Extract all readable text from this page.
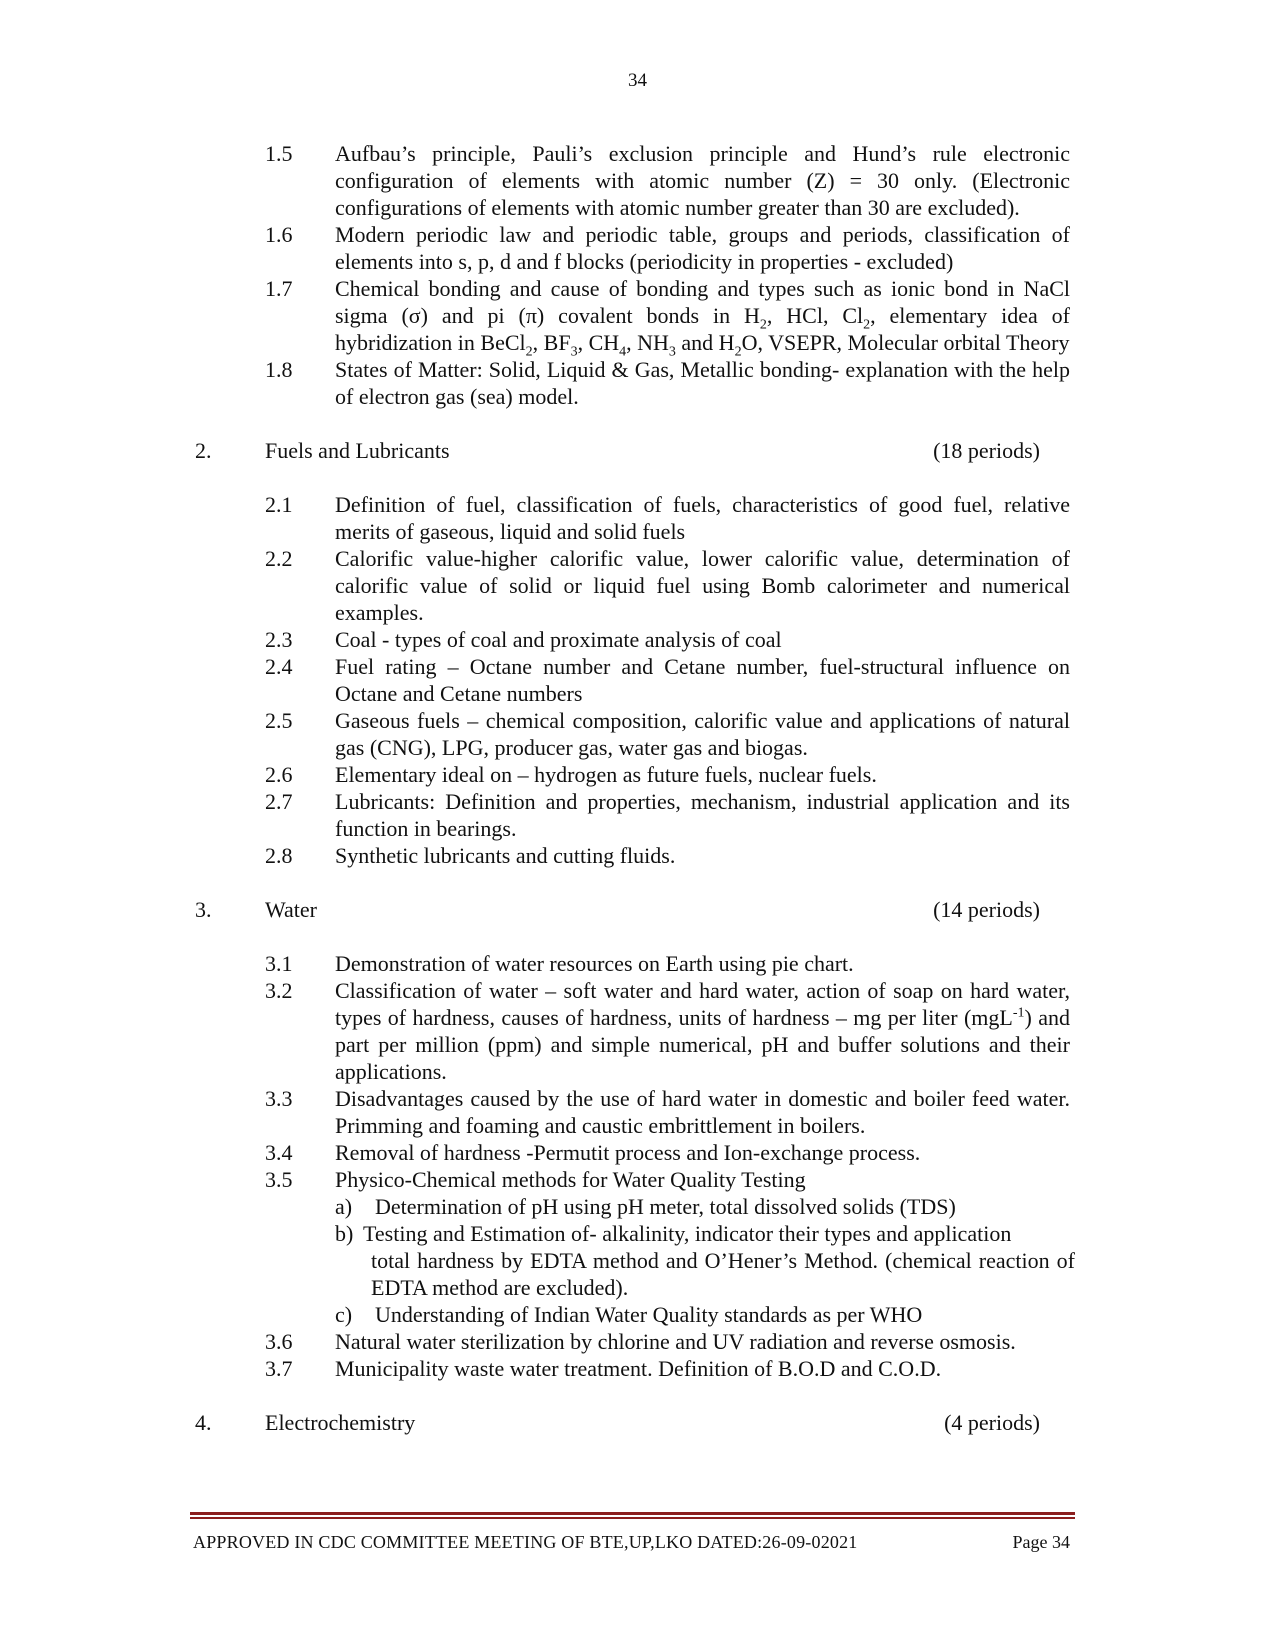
34
1.5 Aufbau’s principle, Pauli’s exclusion principle and Hund’s rule electronic configuration of elements with atomic number (Z) = 30 only. (Electronic configurations of elements with atomic number greater than 30 are excluded).
1.6 Modern periodic law and periodic table, groups and periods, classification of elements into s, p, d and f blocks (periodicity in properties - excluded)
1.7 Chemical bonding and cause of bonding and types such as ionic bond in NaCl sigma (σ) and pi (π) covalent bonds in $H_2$, HCl, $Cl_2$, elementary idea of hybridization in BeCl$_2$, $BF_3$, $CH_4$, $NH_3$ and $H_2O$, VSEPR, Molecular orbital Theory
1.8 States of Matter: Solid, Liquid & Gas, Metallic bonding- explanation with the help of electron gas (sea) model.
2. Fuels and Lubricants	(18 periods)
2.1 Definition of fuel, classification of fuels, characteristics of good fuel, relative merits of gaseous, liquid and solid fuels
2.2 Calorific value-higher calorific value, lower calorific value, determination of calorific value of solid or liquid fuel using Bomb calorimeter and numerical examples.
2.3 Coal - types of coal and proximate analysis of coal
2.4 Fuel rating – Octane number and Cetane number, fuel-structural influence on Octane and Cetane numbers
2.5 Gaseous fuels – chemical composition, calorific value and applications of natural gas (CNG), LPG, producer gas, water gas and biogas.
2.6 Elementary ideal on – hydrogen as future fuels, nuclear fuels.
2.7 Lubricants: Definition and properties, mechanism, industrial application and its function in bearings.
2.8 Synthetic lubricants and cutting fluids.
3. Water	(14 periods)
3.1 Demonstration of water resources on Earth using pie chart.
3.2 Classification of water – soft water and hard water, action of soap on hard water, types of hardness, causes of hardness, units of hardness – mg per liter (mgL$^{-1}$) and part per million (ppm) and simple numerical, pH and buffer solutions and their applications.
3.3 Disadvantages caused by the use of hard water in domestic and boiler feed water. Primming and foaming and caustic embrittlement in boilers.
3.4 Removal of hardness -Permutit process and Ion-exchange process.
3.5 Physico-Chemical methods for Water Quality Testing
a) Determination of pH using pH meter, total dissolved solids (TDS)
b) Testing and Estimation of- alkalinity, indicator their types and application
total hardness by EDTA method and O’Hener’s Method. (chemical reaction of EDTA method are excluded).
c) Understanding of Indian Water Quality standards as per WHO
3.6 Natural water sterilization by chlorine and UV radiation and reverse osmosis.
3.7 Municipality waste water treatment. Definition of B.O.D and C.O.D.
4. Electrochemistry	(4 periods)
APPROVED IN CDC COMMITTEE MEETING OF BTE,UP,LKO DATED:26-09-02021	Page 34
